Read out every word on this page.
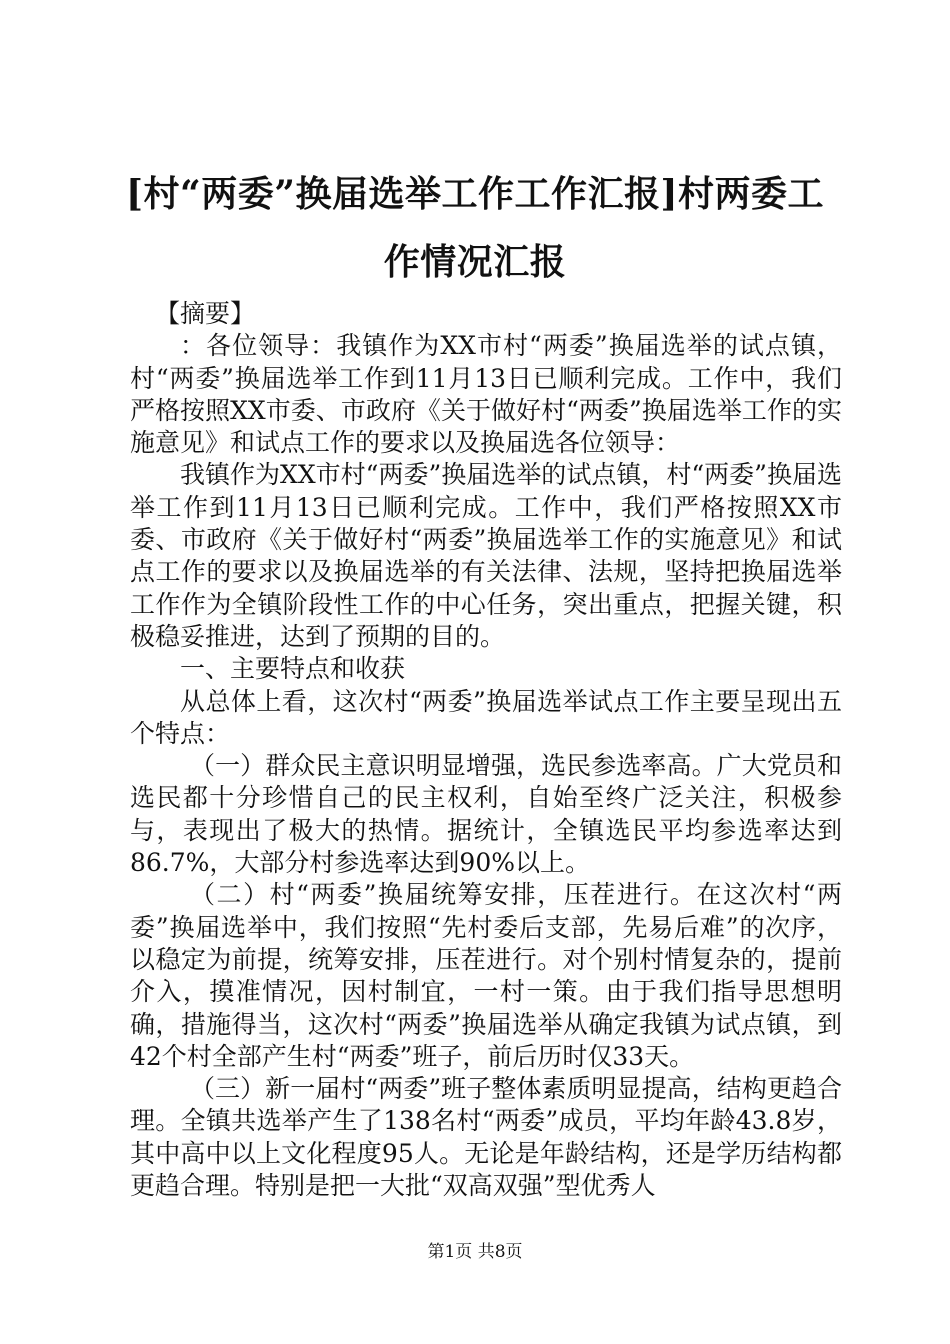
[村“两委”换届选举工作工作汇报]村两委工作情况汇报

【摘要】

：各位领导：我镇作为XX市村“两委”换届选举的试点镇，村“两委”换届选举工作到11月13日已顺利完成。工作中，我们严格按照XX市委、市政府《关于做好村“两委”换届选举工作的实施意见》和试点工作的要求以及换届选各位领导：

我镇作为XX市村“两委”换届选举的试点镇，村“两委”换届选举工作到11月13日已顺利完成。工作中，我们严格按照XX市委、市政府《关于做好村“两委”换届选举工作的实施意见》和试点工作的要求以及换届选举的有关法律、法规，坚持把换届选举工作作为全镇阶段性工作的中心任务，突出重点，把握关键，积极稳妥推进，达到了预期的目的。

一、主要特点和收获

从总体上看，这次村“两委”换届选举试点工作主要呈现出五个特点：

（一）群众民主意识明显增强，选民参选率高。广大党员和选民都十分珍惜自己的民主权利，自始至终广泛关注，积极参与，表现出了极大的热情。据统计，全镇选民平均参选率达到86.7%，大部分村参选率达到90%以上。

（二）村“两委”换届统筹安排，压茬进行。在这次村“两委”换届选举中，我们按照“先村委后支部，先易后难”的次序，以稳定为前提，统筹安排，压茬进行。对个别村情复杂的，提前介入，摸准情况，因村制宜，一村一策。由于我们指导思想明确，措施得当，这次村“两委”换届选举从确定我镇为试点镇，到42个村全部产生村“两委”班子，前后历时仅33天。

（三）新一届村“两委”班子整体素质明显提高，结构更趋合理。全镇共选举产生了138名村“两委”成员，平均年龄43.8岁，其中高中以上文化程度95人。无论是年龄结构，还是学历结构都更趋合理。特别是把一大批“双高双强”型优秀人

第1页 共8页
